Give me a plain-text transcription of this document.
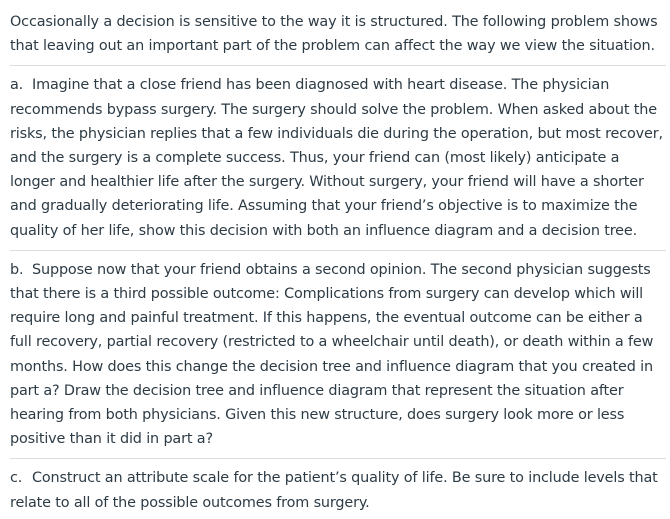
Occasionally a decision is sensitive to the way it is structured. The following problem shows that leaving out an important part of the problem can affect the way we view the situation.

a. Imagine that a close friend has been diagnosed with heart disease. The physician recommends bypass surgery. The surgery should solve the problem. When asked about the risks, the physician replies that a few individuals die during the operation, but most recover, and the surgery is a complete success. Thus, your friend can (most likely) anticipate a longer and healthier life after the surgery. Without surgery, your friend will have a shorter and gradually deteriorating life. Assuming that your friend’s objective is to maximize the quality of her life, show this decision with both an influence diagram and a decision tree.

b. Suppose now that your friend obtains a second opinion. The second physician suggests that there is a third possible outcome: Complications from surgery can develop which will require long and painful treatment. If this happens, the eventual outcome can be either a full recovery, partial recovery (restricted to a wheelchair until death), or death within a few months. How does this change the decision tree and influence diagram that you created in part a? Draw the decision tree and influence diagram that represent the situation after hearing from both physicians. Given this new structure, does surgery look more or less positive than it did in part a?

c. Construct an attribute scale for the patient’s quality of life. Be sure to include levels that relate to all of the possible outcomes from surgery.
